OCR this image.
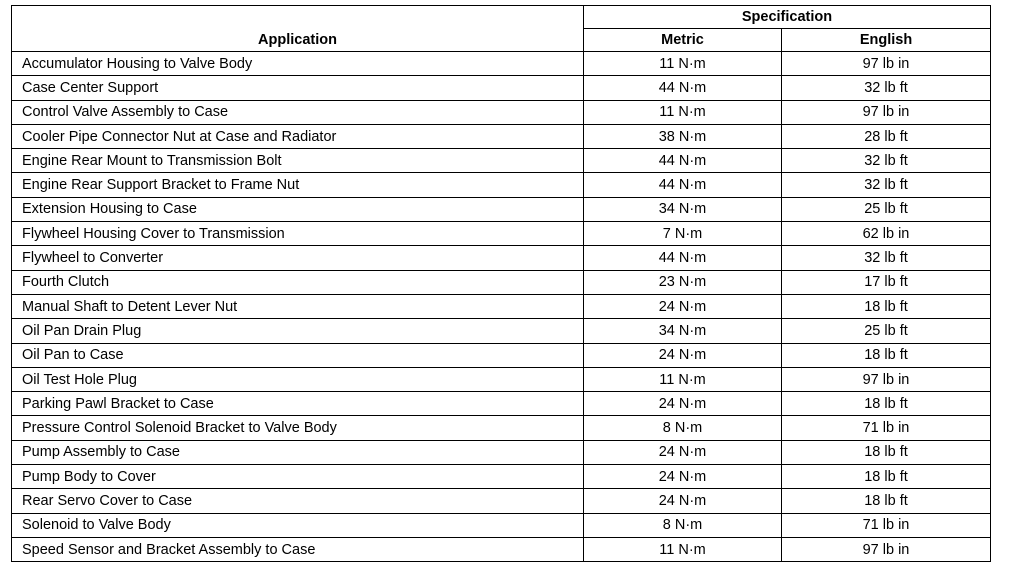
Application	Specification	
	Metric	English
Accumulator Housing to Valve Body	11 N·m	97 lb in
Case Center Support	44 N·m	32 lb ft
Control Valve Assembly to Case	11 N·m	97 lb in
Cooler Pipe Connector Nut at Case and Radiator	38 N·m	28 lb ft
Engine Rear Mount to Transmission Bolt	44 N·m	32 lb ft
Engine Rear Support Bracket to Frame Nut	44 N·m	32 lb ft
Extension Housing to Case	34 N·m	25 lb ft
Flywheel Housing Cover to Transmission	7 N·m	62 lb in
Flywheel to Converter	44 N·m	32 lb ft
Fourth Clutch	23 N·m	17 lb ft
Manual Shaft to Detent Lever Nut	24 N·m	18 lb ft
Oil Pan Drain Plug	34 N·m	25 lb ft
Oil Pan to Case	24 N·m	18 lb ft
Oil Test Hole Plug	11 N·m	97 lb in
Parking Pawl Bracket to Case	24 N·m	18 lb ft
Pressure Control Solenoid Bracket to Valve Body	8 N·m	71 lb in
Pump Assembly to Case	24 N·m	18 lb ft
Pump Body to Cover	24 N·m	18 lb ft
Rear Servo Cover to Case	24 N·m	18 lb ft
Solenoid to Valve Body	8 N·m	71 lb in
Speed Sensor and Bracket Assembly to Case	11 N·m	97 lb in
